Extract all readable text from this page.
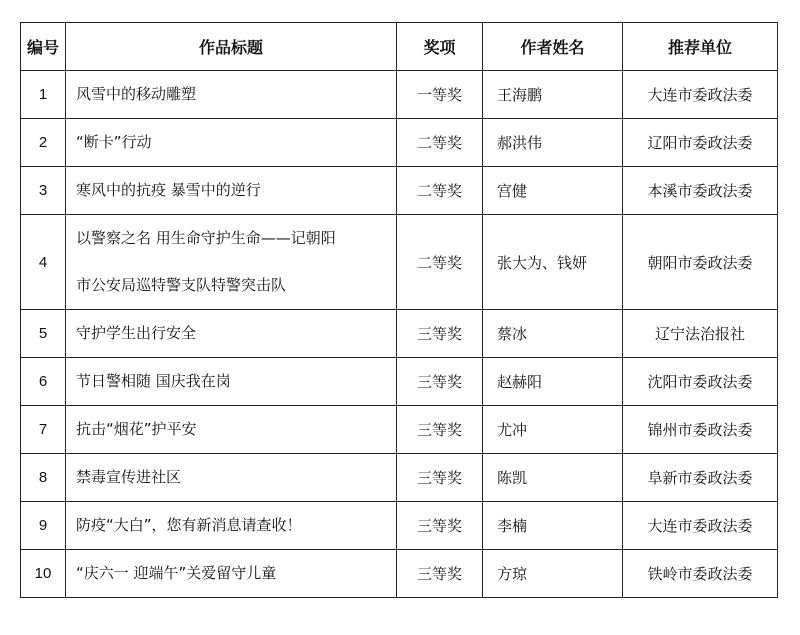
编号	作品标题	奖项	作者姓名	推荐单位
1	风雪中的移动雕塑	一等奖	王海鹏	大连市委政法委
2	“断卡”行动	二等奖	郝洪伟	辽阳市委政法委
3	寒风中的抗疫 暴雪中的逆行	二等奖	宫健	本溪市委政法委
4	以警察之名 用生命守护生命——记朝阳
市公安局巡特警支队特警突击队	二等奖	张大为、钱妍	朝阳市委政法委
5	守护学生出行安全	三等奖	蔡冰	辽宁法治报社
6	节日警相随 国庆我在岗	三等奖	赵赫阳	沈阳市委政法委
7	抗击“烟花”护平安	三等奖	尤冲	锦州市委政法委
8	禁毒宣传进社区	三等奖	陈凯	阜新市委政法委
9	防疫“大白”，您有新消息请查收！	三等奖	李楠	大连市委政法委
10	“庆六一 迎端午”关爱留守儿童	三等奖	方琼	铁岭市委政法委
